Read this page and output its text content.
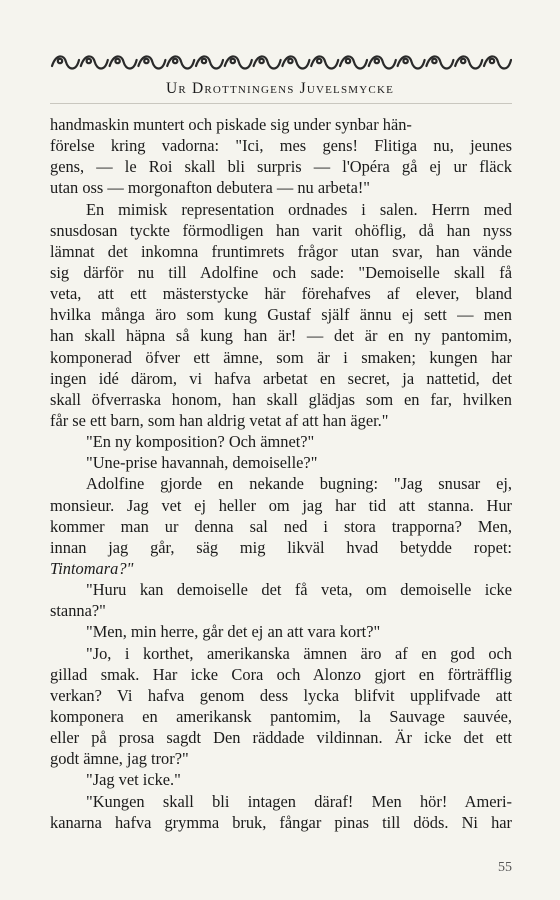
Ur Drottningens Juvelsmycke
handmaskin muntert och piskade sig under synbar hän-
förelse kring vadorna: "Ici, mes gens! Flitiga nu, jeunes
gens, — le Roi skall bli surpris — l'Opéra gå ej ur fläck
utan oss — morgonafton debutera — nu arbeta!"
En mimisk representation ordnades i salen. Herrn med
snusdosan tyckte förmodligen han varit ohöflig, då han nyss
lämnat det inkomna fruntimrets frågor utan svar, han vände
sig därför nu till Adolfine och sade: "Demoiselle skall få
veta, att ett mästerstycke här förehafves af elever, bland
hvilka många äro som kung Gustaf själf ännu ej sett — men
han skall häpna så kung han är! — det är en ny pantomim,
komponerad öfver ett ämne, som är i smaken; kungen har
ingen idé därom, vi hafva arbetat en secret, ja nattetid, det
skall öfverraska honom, han skall glädjas som en far, hvilken
får se ett barn, som han aldrig vetat af att han äger."
"En ny komposition? Och ämnet?"
"Une-prise havannah, demoiselle?"
Adolfine gjorde en nekande bugning: "Jag snusar ej,
monsieur. Jag vet ej heller om jag har tid att stanna. Hur
kommer man ur denna sal ned i stora trapporna? Men,
innan jag går, säg mig likväl hvad betydde ropet:
Tintomara?"
"Huru kan demoiselle det få veta, om demoiselle icke
stanna?"
"Men, min herre, går det ej an att vara kort?"
"Jo, i korthet, amerikanska ämnen äro af en god och
gillad smak. Har icke Cora och Alonzo gjort en förträfflig
verkan? Vi hafva genom dess lycka blifvit upplifvade att
komponera en amerikansk pantomim, la Sauvage sauvée,
eller på prosa sagdt Den räddade vildinnan. Är icke det ett
godt ämne, jag tror?"
"Jag vet icke."
"Kungen skall bli intagen däraf! Men hör! Ameri-
kanarna hafva grymma bruk, fångar pinas till döds. Ni har
55
